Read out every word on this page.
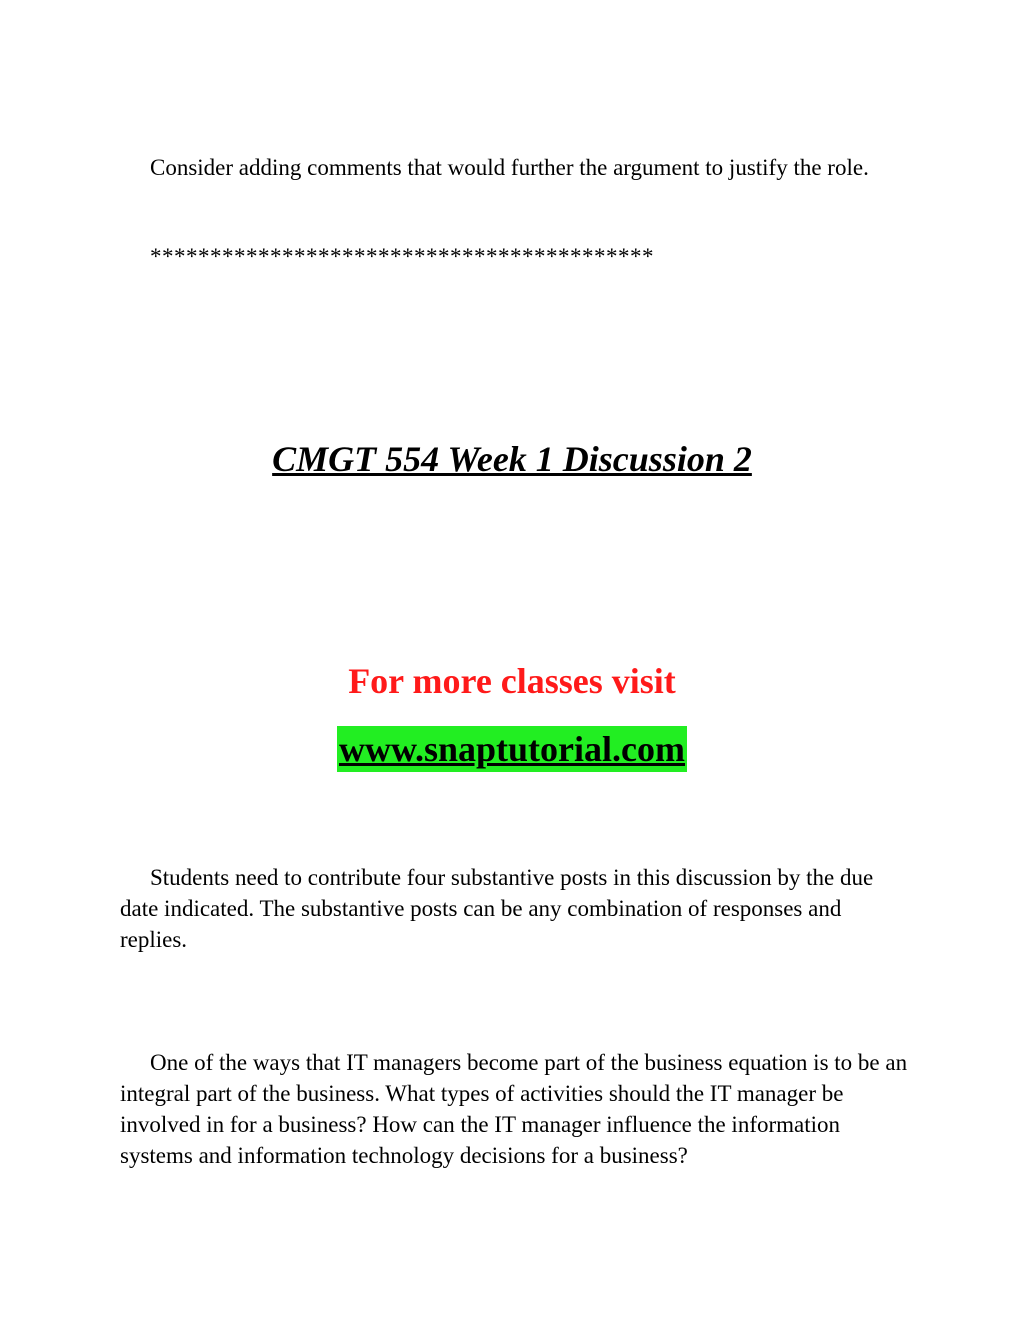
Consider adding comments that would further the argument to justify the role.

******************************************

CMGT 554 Week 1 Discussion 2
For more classes visit
www.snaptutorial.com

Students need to contribute four substantive posts in this discussion by the due date indicated. The substantive posts can be any combination of responses and replies.

One of the ways that IT managers become part of the business equation is to be an integral part of the business. What types of activities should the IT manager be involved in for a business? How can the IT manager influence the information systems and information technology decisions for a business?
